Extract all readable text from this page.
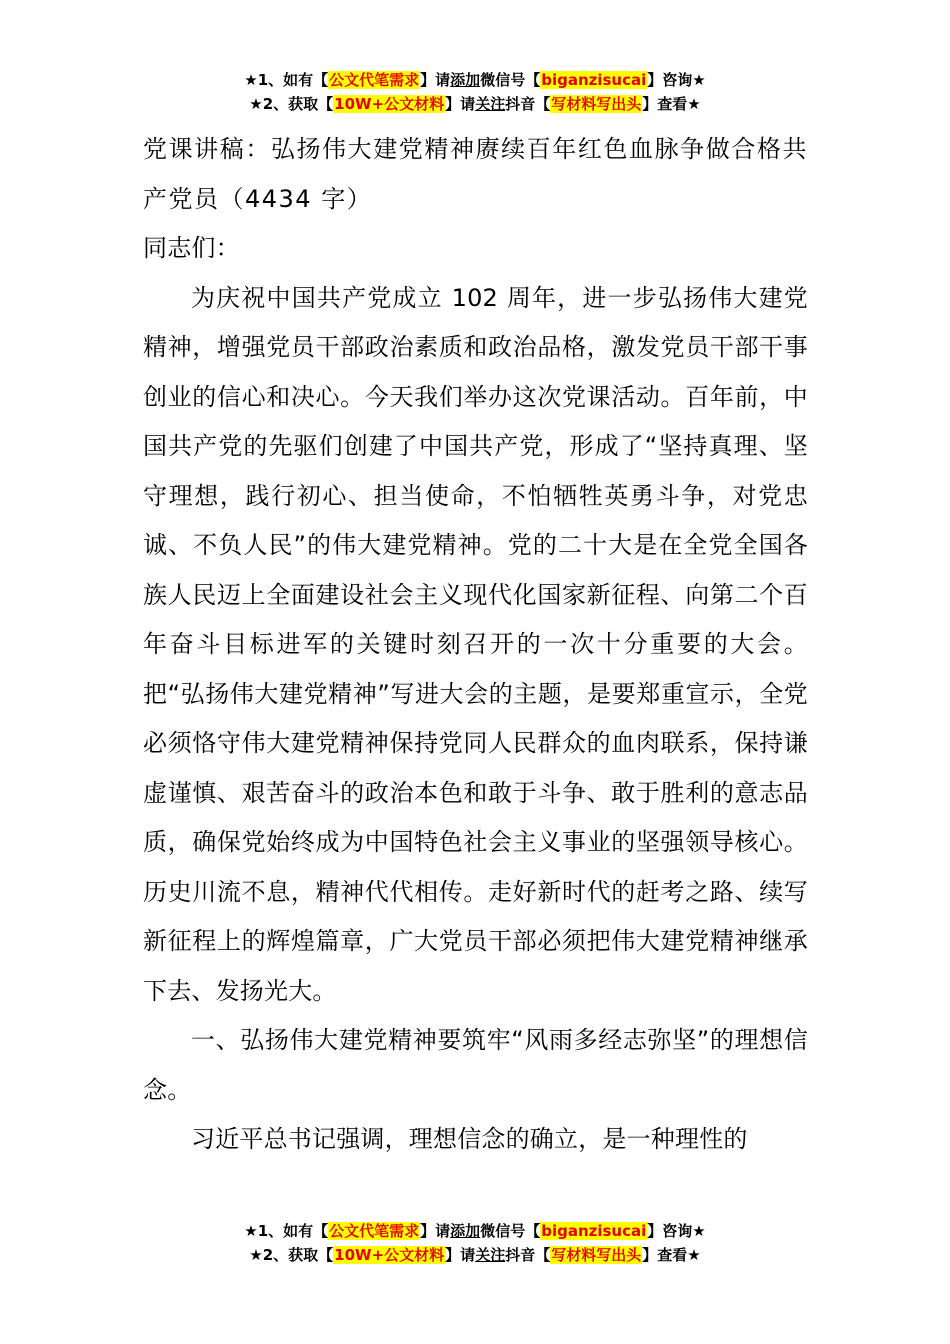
★1、如有【公文代笔需求】请添加微信号【biganzisucai】咨询★
★2、获取【10W+公文材料】请关注抖音【写材料写出头】查看★

党课讲稿：弘扬伟大建党精神赓续百年红色血脉争做合格共产党员（4434 字）

同志们：

为庆祝中国共产党成立 102 周年，进一步弘扬伟大建党精神，增强党员干部政治素质和政治品格，激发党员干部干事创业的信心和决心。今天我们举办这次党课活动。百年前，中国共产党的先驱们创建了中国共产党，形成了“坚持真理、坚守理想，践行初心、担当使命，不怕牺牲英勇斗争，对党忠诚、不负人民”的伟大建党精神。党的二十大是在全党全国各族人民迈上全面建设社会主义现代化国家新征程、向第二个百年奋斗目标进军的关键时刻召开的一次十分重要的大会。把“弘扬伟大建党精神”写进大会的主题，是要郑重宣示，全党必须恪守伟大建党精神保持党同人民群众的血肉联系，保持谦虚谨慎、艰苦奋斗的政治本色和敢于斗争、敢于胜利的意志品质，确保党始终成为中国特色社会主义事业的坚强领导核心。历史川流不息，精神代代相传。走好新时代的赶考之路、续写新征程上的辉煌篇章，广大党员干部必须把伟大建党精神继承下去、发扬光大。

一、弘扬伟大建党精神要筑牢“风雨多经志弥坚”的理想信念。

习近平总书记强调，理想信念的确立，是一种理性的

★1、如有【公文代笔需求】请添加微信号【biganzisucai】咨询★
★2、获取【10W+公文材料】请关注抖音【写材料写出头】查看★
